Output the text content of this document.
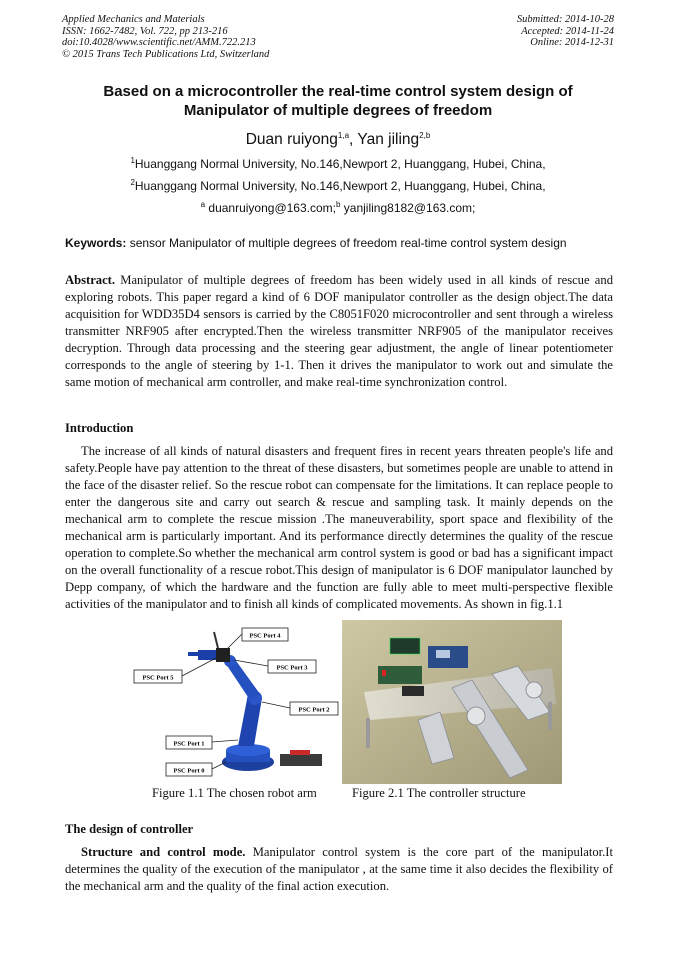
Applied Mechanics and Materials
ISSN: 1662-7482, Vol. 722, pp 213-216
doi:10.4028/www.scientific.net/AMM.722.213
© 2015 Trans Tech Publications Ltd, Switzerland
Submitted: 2014-10-28
Accepted: 2014-11-24
Online: 2014-12-31
Based on a microcontroller the real-time control system design of
Manipulator of multiple degrees of freedom
Duan ruiyong$^{1,a}$, Yan jiling$^{2,b}$
$^1$Huanggang Normal University, No.146,Newport 2, Huanggang, Hubei, China,
$^2$Huanggang Normal University, No.146,Newport 2, Huanggang, Hubei, China,
$^a$ duanruiyong@163.com;$^b$ yanjiling8182@163.com;
Keywords: sensor Manipulator of multiple degrees of freedom real-time control system design
Abstract. Manipulator of multiple degrees of freedom has been widely used in all kinds of rescue and exploring robots. This paper regard a kind of 6 DOF manipulator controller as the design object.The data acquisition for WDD35D4 sensors is carried by the C8051F020 microcontroller and sent through a wireless transmitter NRF905 after encrypted.Then the wireless transmitter NRF905 of the manipulator receives decryption. Through data processing and the steering gear adjustment, the angle of linear potentiometer corresponds to the angle of steering by 1-1. Then it drives the manipulator to work out and simulate the same motion of mechanical arm controller, and make real-time synchronization control.
Introduction
The increase of all kinds of natural disasters and frequent fires in recent years threaten people's life and safety.People have pay attention to the threat of these disasters, but sometimes people are unable to attend in the face of the disaster relief. So the rescue robot can compensate for the limitations. It can replace people to enter the dangerous site and carry out search & rescue and sampling task. It mainly depends on the mechanical arm to complete the rescue mission .The maneuverability, sport space and flexibility of the mechanical arm is particularly important. And its performance directly determines the quality of the rescue operation to complete.So whether the mechanical arm control system is good or bad has a significant impact on the overall functionality of a rescue robot.This design of manipulator is 6 DOF manipulator launched by Depp company, of which the hardware and the function are fully able to meet multi-perspective flexible activities of the manipulator and to finish all kinds of complicated movements. As shown in fig.1.1
PSC Port 4
PSC Port 3
PSC Port 5
PSC Port 2
PSC Port 1
PSC Port 0
Figure 1.1 The chosen robot arm	Figure 2.1 The controller structure
The design of controller
Structure and control mode. Manipulator control system is the core part of the manipulator.It determines the quality of the execution of the manipulator , at the same time it also decides the flexibility of the mechanical arm and the quality of the final action execution.
